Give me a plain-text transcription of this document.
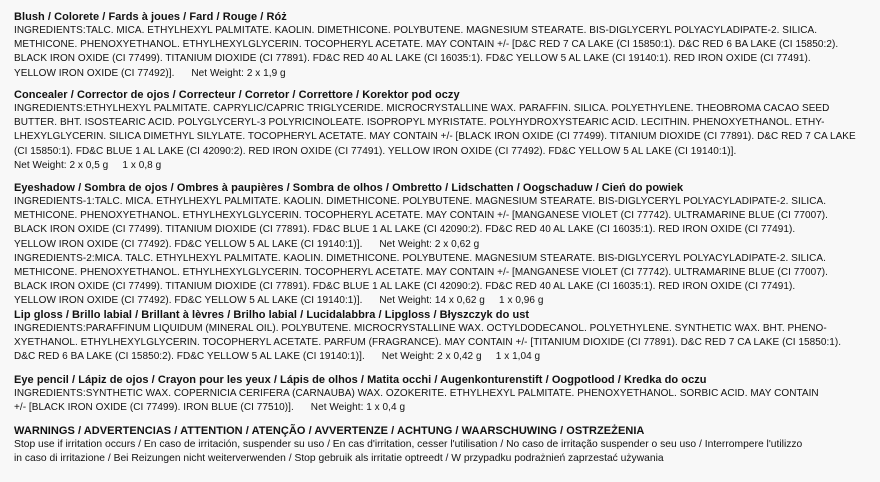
Blush / Colorete / Fards à joues / Fard / Rouge / Róż
INGREDIENTS:TALC. MICA. ETHYLHEXYL PALMITATE. KAOLIN. DIMETHICONE. POLYBUTENE. MAGNESIUM STEARATE. BIS-DIGLYCERYL POLYACYLADIPATE-2. SILICA.
METHICONE. PHENOXYETHANOL. ETHYLHEXYLGLYCERIN. TOCOPHERYL ACETATE. MAY CONTAIN +/- [D&C RED 7 CA LAKE (CI 15850:1). D&C RED 6 BA LAKE (CI 15850:2).
BLACK IRON OXIDE (CI 77499). TITANIUM DIOXIDE (CI 77891). FD&C RED 40 AL LAKE (CI 16035:1). FD&C YELLOW 5 AL LAKE (CI 19140:1). RED IRON OXIDE (CI 77491).
YELLOW IRON OXIDE (CI 77492)].      Net Weight: 2 x 1,9 g
Concealer / Corrector de ojos / Correcteur / Corretor / Correttore / Korektor pod oczy
INGREDIENTS:ETHYLHEXYL PALMITATE. CAPRYLIC/CAPRIC TRIGLYCERIDE. MICROCRYSTALLINE WAX. PARAFFIN. SILICA. POLYETHYLENE. THEOBROMA CACAO SEED
BUTTER. BHT. ISOSTEARIC ACID. POLYGLYCERYL-3 POLYRICINOLEATE. ISOPROPYL MYRISTATE. POLYHYDROXYSTEARIC ACID. LECITHIN. PHENOXYETHANOL. ETHY-
LHEXYLGLYCERIN. SILICA DIMETHYL SILYLATE. TOCOPHERYL ACETATE. MAY CONTAIN +/- [BLACK IRON OXIDE (CI 77499). TITANIUM DIOXIDE (CI 77891). D&C RED 7 CA LAKE
(CI 15850:1). FD&C BLUE 1 AL LAKE (CI 42090:2). RED IRON OXIDE (CI 77491). YELLOW IRON OXIDE (CI 77492). FD&C YELLOW 5 AL LAKE (CI 19140:1)].
Net Weight: 2 x 0,5 g     1 x 0,8 g
Eyeshadow / Sombra de ojos / Ombres à paupières / Sombra de olhos / Ombretto / Lidschatten / Oogschaduw / Cień do powiek
INGREDIENTS-1:TALC. MICA. ETHYLHEXYL PALMITATE. KAOLIN. DIMETHICONE. POLYBUTENE. MAGNESIUM STEARATE. BIS-DIGLYCERYL POLYACYLADIPATE-2. SILICA.
METHICONE. PHENOXYETHANOL. ETHYLHEXYLGLYCERIN. TOCOPHERYL ACETATE. MAY CONTAIN +/- [MANGANESE VIOLET (CI 77742). ULTRAMARINE BLUE (CI 77007).
BLACK IRON OXIDE (CI 77499). TITANIUM DIOXIDE (CI 77891). FD&C BLUE 1 AL LAKE (CI 42090:2). FD&C RED 40 AL LAKE (CI 16035:1). RED IRON OXIDE (CI 77491).
YELLOW IRON OXIDE (CI 77492). FD&C YELLOW 5 AL LAKE (CI 19140:1)].      Net Weight: 2 x 0,62 g
INGREDIENTS-2:MICA. TALC. ETHYLHEXYL PALMITATE. KAOLIN. DIMETHICONE. POLYBUTENE. MAGNESIUM STEARATE. BIS-DIGLYCERYL POLYACYLADIPATE-2. SILICA.
METHICONE. PHENOXYETHANOL. ETHYLHEXYLGLYCERIN. TOCOPHERYL ACETATE. MAY CONTAIN +/- [MANGANESE VIOLET (CI 77742). ULTRAMARINE BLUE (CI 77007).
BLACK IRON OXIDE (CI 77499). TITANIUM DIOXIDE (CI 77891). FD&C BLUE 1 AL LAKE (CI 42090:2). FD&C RED 40 AL LAKE (CI 16035:1). RED IRON OXIDE (CI 77491).
YELLOW IRON OXIDE (CI 77492). FD&C YELLOW 5 AL LAKE (CI 19140:1)].      Net Weight: 14 x 0,62 g     1 x 0,96 g
Lip gloss / Brillo labial / Brillant à lèvres / Brilho labial / Lucidalabbra / Lipgloss / Błyszczyk do ust
INGREDIENTS:PARAFFINUM LIQUIDUM (MINERAL OIL). POLYBUTENE. MICROCRYSTALLINE WAX. OCTYLDODECANOL. POLYETHYLENE. SYNTHETIC WAX. BHT. PHENO-
XYETHANOL. ETHYLHEXYLGLYCERIN. TOCOPHERYL ACETATE. PARFUM (FRAGRANCE). MAY CONTAIN +/- [TITANIUM DIOXIDE (CI 77891). D&C RED 7 CA LAKE (CI 15850:1).
D&C RED 6 BA LAKE (CI 15850:2). FD&C YELLOW 5 AL LAKE (CI 19140:1)].      Net Weight: 2 x 0,42 g     1 x 1,04 g
Eye pencil / Lápiz de ojos / Crayon pour les yeux / Lápis de olhos / Matita occhi / Augenkonturenstift / Oogpotlood / Kredka do oczu
INGREDIENTS:SYNTHETIC WAX. COPERNICIA CERIFERA (CARNAUBA) WAX. OZOKERITE. ETHYLHEXYL PALMITATE. PHENOXYETHANOL. SORBIC ACID. MAY CONTAIN
+/- [BLACK IRON OXIDE (CI 77499). IRON BLUE (CI 77510)].      Net Weight: 1 x 0,4 g
WARNINGS / ADVERTENCIAS / ATTENTION / ATENÇÃO / AVVERTENZE / ACHTUNG / WAARSCHUWING / OSTRZEŻENIA
Stop use if irritation occurs / En caso de irritación, suspender su uso / En cas d'irritation, cesser l'utilisation / No caso de irritação suspender o seu uso / Interrompere l'utilizzo
in caso di irritazione / Bei Reizungen nicht weiterverwenden / Stop gebruik als irritatie optreedt / W przypadku podrażnień zaprzestać używania
